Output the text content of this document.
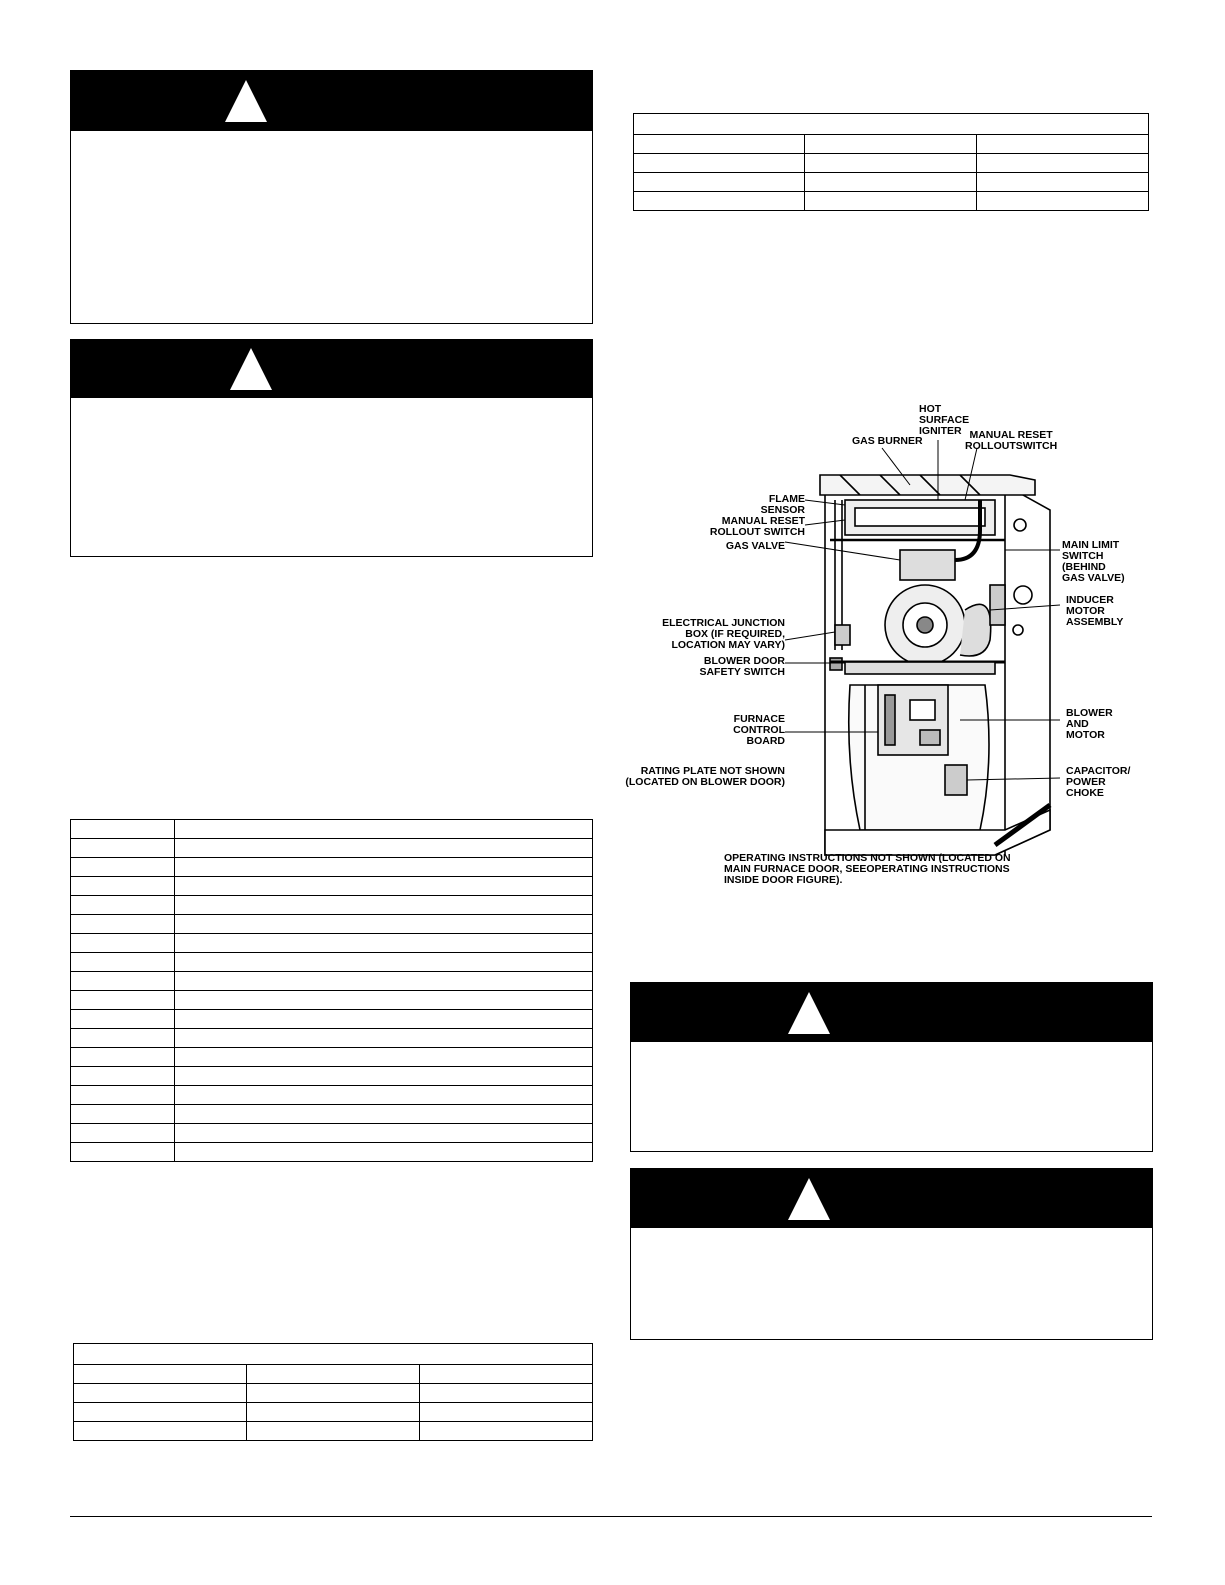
HOT
SURFACE
IGNITER
GAS BURNER	MANUAL RESET
ROLLOUTSWITCH
FLAME
SENSOR
MANUAL RESET
ROLLOUT SWITCH
GAS VALVE	MAIN LIMIT
SWITCH
(BEHIND
GAS VALVE)
INDUCER
MOTOR
ASSEMBLY
ELECTRICAL JUNCTION
BOX (IF REQUIRED,
LOCATION MAY VARY)
BLOWER DOOR
SAFETY SWITCH
FURNACE
CONTROL
BOARD
BLOWER
AND
MOTOR
RATING PLATE NOT SHOWN
(LOCATED ON BLOWER DOOR)
CAPACITOR/
POWER
CHOKE
OPERATING INSTRUCTIONS NOT SHOWN (LOCATED ON
MAIN FURNACE DOOR, SEEOPERATING INSTRUCTIONS
INSIDE DOOR FIGURE).
